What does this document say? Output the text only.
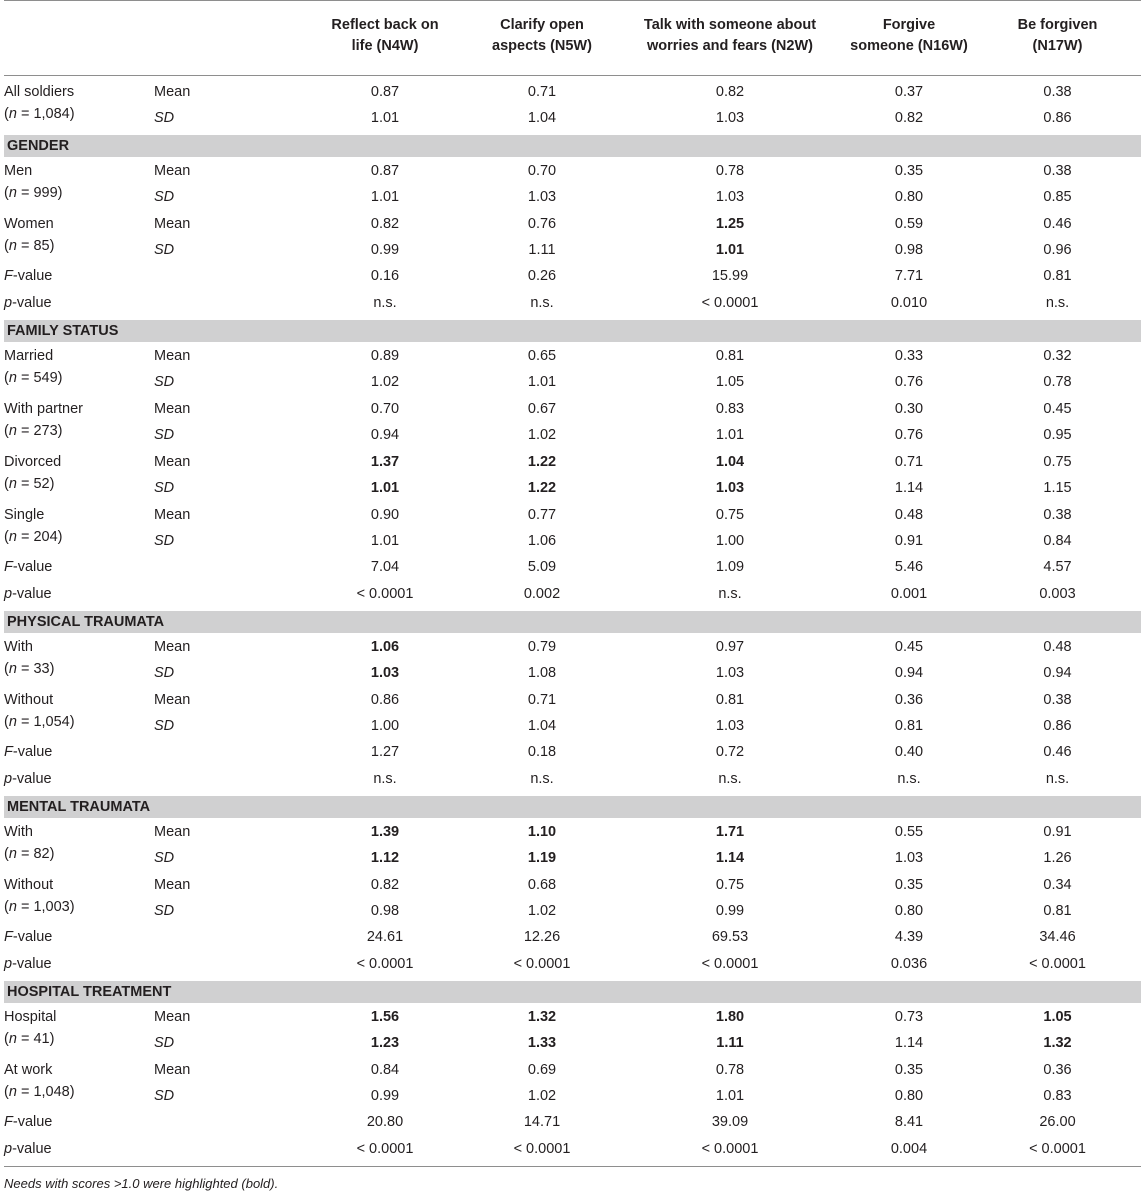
Reflect back on
life (N4W)
Clarify open
aspects (N5W)
Talk with someone about
worries and fears (N2W)
Forgive
someone (N16W)
Be forgiven
(N17W)
All soldiers
(n = 1,084)
Mean	0.87	0.71	0.82	0.37	0.38
SD	1.01	1.04	1.03	0.82	0.86
GENDER
Men
(n = 999)
Mean	0.87	0.70	0.78	0.35	0.38
SD	1.01	1.03	1.03	0.80	0.85
Women
(n = 85)
Mean	0.82	0.76	1.25	0.59	0.46
SD	0.99	1.11	1.01	0.98	0.96
F-value	0.16	0.26	15.99	7.71	0.81
p-value	n.s.	n.s.	< 0.0001	0.010	n.s.
FAMILY STATUS
Married
(n = 549)
Mean	0.89	0.65	0.81	0.33	0.32
SD	1.02	1.01	1.05	0.76	0.78
With partner
(n = 273)
Mean	0.70	0.67	0.83	0.30	0.45
SD	0.94	1.02	1.01	0.76	0.95
Divorced
(n = 52)
Mean	1.37	1.22	1.04	0.71	0.75
SD	1.01	1.22	1.03	1.14	1.15
Single
(n = 204)
Mean	0.90	0.77	0.75	0.48	0.38
SD	1.01	1.06	1.00	0.91	0.84
F-value	7.04	5.09	1.09	5.46	4.57
p-value	< 0.0001	0.002	n.s.	0.001	0.003
PHYSICAL TRAUMATA
With
(n = 33)
Mean	1.06	0.79	0.97	0.45	0.48
SD	1.03	1.08	1.03	0.94	0.94
Without
(n = 1,054)
Mean	0.86	0.71	0.81	0.36	0.38
SD	1.00	1.04	1.03	0.81	0.86
F-value	1.27	0.18	0.72	0.40	0.46
p-value	n.s.	n.s.	n.s.	n.s.	n.s.
MENTAL TRAUMATA
With
(n = 82)
Mean	1.39	1.10	1.71	0.55	0.91
SD	1.12	1.19	1.14	1.03	1.26
Without
(n = 1,003)
Mean	0.82	0.68	0.75	0.35	0.34
SD	0.98	1.02	0.99	0.80	0.81
F-value	24.61	12.26	69.53	4.39	34.46
p-value	< 0.0001	< 0.0001	< 0.0001	0.036	< 0.0001
HOSPITAL TREATMENT
Hospital
(n = 41)
Mean	1.56	1.32	1.80	0.73	1.05
SD	1.23	1.33	1.11	1.14	1.32
At work
(n = 1,048)
Mean	0.84	0.69	0.78	0.35	0.36
SD	0.99	1.02	1.01	0.80	0.83
F-value	20.80	14.71	39.09	8.41	26.00
p-value	< 0.0001	< 0.0001	< 0.0001	0.004	< 0.0001
Needs with scores >1.0 were highlighted (bold).
